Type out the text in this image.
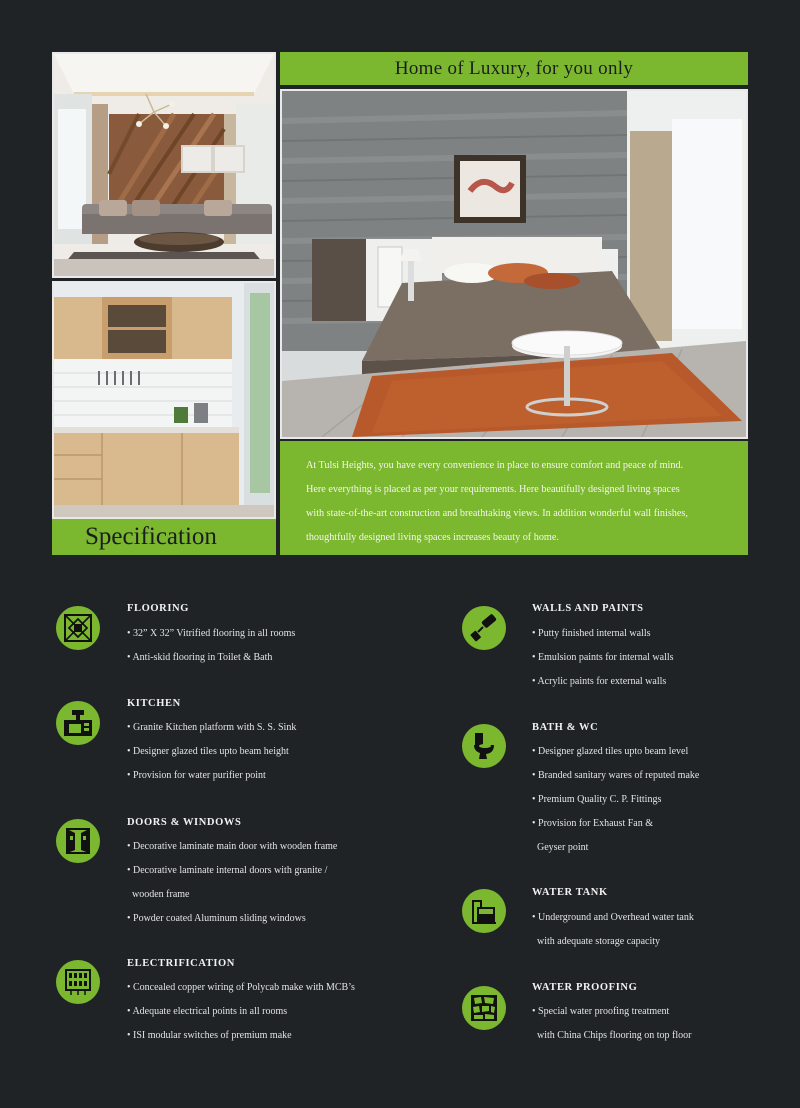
Home of Luxury, for you only

At Tulsi Heights, you have every convenience in place to ensure comfort and peace of mind.

Here everything is placed as per your requirements. Here beautifully designed living spaces

with state-of-the-art construction and breathtaking views. In addition wonderful wall finishes,

thoughtfully designed living spaces increases beauty of home.

Specification
FLOORING
• 32” X 32” Vitrified flooring in all rooms
• Anti-skid flooring in Toilet & Bath
KITCHEN
• Granite Kitchen platform with S. S. Sink
• Designer glazed tiles upto beam height
• Provision for water purifier point
DOORS & WINDOWS
• Decorative laminate main door with wooden frame
• Decorative laminate internal doors with granite /
wooden frame
• Powder coated Aluminum sliding windows
ELECTRIFICATION
• Concealed copper wiring of Polycab make with MCB’s
• Adequate electrical points in all rooms
• ISI modular switches of premium make
WALLS AND PAINTS
• Putty finished internal walls
• Emulsion paints for internal walls
• Acrylic paints for external walls
BATH & WC
• Designer glazed tiles upto beam level
• Branded sanitary wares of reputed make
• Premium Quality C. P. Fittings
• Provision for Exhaust Fan &
Geyser point
WATER TANK
• Underground and Overhead water tank
with adequate storage capacity
WATER PROOFING
• Special water proofing treatment
with China Chips flooring on top floor
